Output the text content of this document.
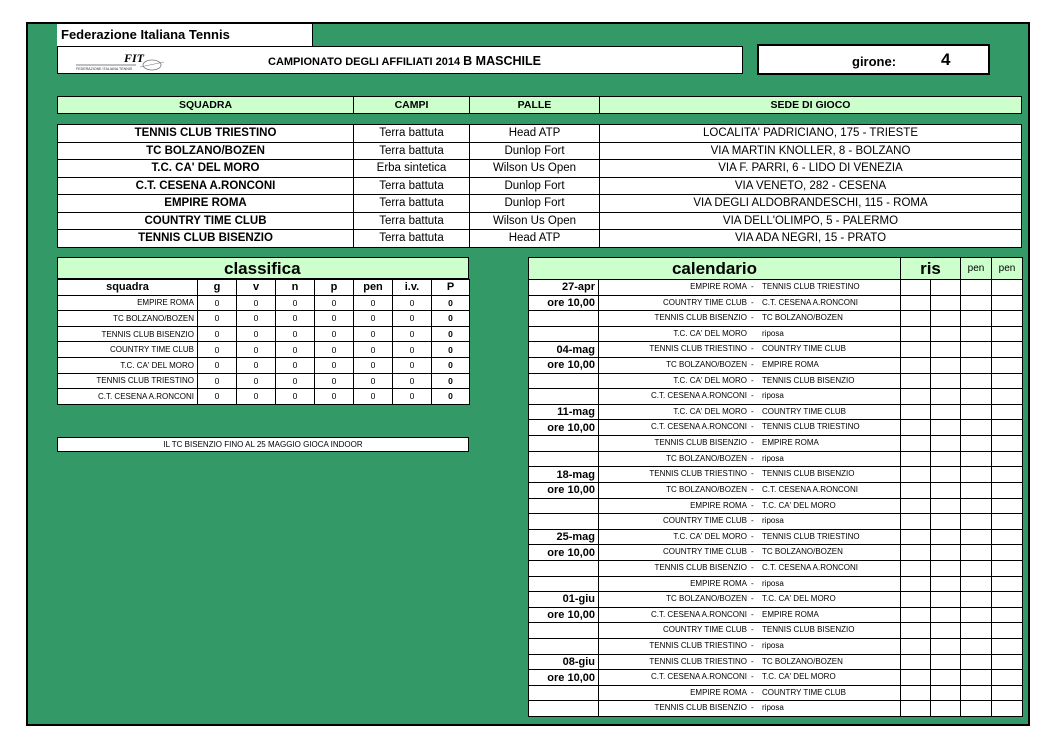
Federazione Italiana Tennis
FIT
FEDERAZIONE ITALIANA TENNIS
CAMPIONATO DEGLI AFFILIATI 2014 B MASCHILE	girone:	4
SQUADRA	CAMPI	PALLE	SEDE DI GIOCO
TENNIS CLUB TRIESTINO	Terra battuta	Head ATP	LOCALITA' PADRICIANO, 175 - TRIESTE
TC BOLZANO/BOZEN	Terra battuta	Dunlop Fort	VIA MARTIN KNOLLER, 8 - BOLZANO
T.C. CA' DEL MORO	Erba sintetica	Wilson Us Open	VIA F. PARRI, 6 - LIDO DI VENEZIA
C.T. CESENA A.RONCONI	Terra battuta	Dunlop Fort	VIA VENETO, 282 - CESENA
EMPIRE ROMA	Terra battuta	Dunlop Fort	VIA DEGLI ALDOBRANDESCHI, 115 - ROMA
COUNTRY TIME CLUB	Terra battuta	Wilson Us Open	VIA DELL'OLIMPO, 5 - PALERMO
TENNIS CLUB BISENZIO	Terra battuta	Head ATP	VIA ADA NEGRI, 15 - PRATO
classifica
squadra	g	v	n	p	pen	i.v.	P
EMPIRE ROMA	0	0	0	0	0	0	0
TC BOLZANO/BOZEN	0	0	0	0	0	0	0
TENNIS CLUB BISENZIO	0	0	0	0	0	0	0
COUNTRY TIME CLUB	0	0	0	0	0	0	0
T.C. CA' DEL MORO	0	0	0	0	0	0	0
TENNIS CLUB TRIESTINO	0	0	0	0	0	0	0
C.T. CESENA A.RONCONI	0	0	0	0	0	0	0
IL TC BISENZIO FINO AL 25 MAGGIO GIOCA INDOOR
calendario	ris	pen	pen
27-apr	EMPIRE ROMA - TENNIS CLUB TRIESTINO				

ore 10,00	COUNTRY TIME CLUB - C.T. CESENA A.RONCONI				

	TENNIS CLUB BISENZIO - TC BOLZANO/BOZEN				

	T.C. CA' DEL MORO riposa				

04-mag	TENNIS CLUB TRIESTINO - COUNTRY TIME CLUB				

ore 10,00	TC BOLZANO/BOZEN - EMPIRE ROMA				

	T.C. CA' DEL MORO - TENNIS CLUB BISENZIO				

	C.T. CESENA A.RONCONI - riposa				

11-mag	T.C. CA' DEL MORO - COUNTRY TIME CLUB				

ore 10,00	C.T. CESENA A.RONCONI - TENNIS CLUB TRIESTINO				

	TENNIS CLUB BISENZIO - EMPIRE ROMA				

	TC BOLZANO/BOZEN - riposa				

18-mag	TENNIS CLUB TRIESTINO - TENNIS CLUB BISENZIO				

ore 10,00	TC BOLZANO/BOZEN - C.T. CESENA A.RONCONI				

	EMPIRE ROMA - T.C. CA' DEL MORO				

	COUNTRY TIME CLUB - riposa				

25-mag	T.C. CA' DEL MORO - TENNIS CLUB TRIESTINO				

ore 10,00	COUNTRY TIME CLUB - TC BOLZANO/BOZEN				

	TENNIS CLUB BISENZIO - C.T. CESENA A.RONCONI				

	EMPIRE ROMA - riposa				

01-giu	TC BOLZANO/BOZEN - T.C. CA' DEL MORO				

ore 10,00	C.T. CESENA A.RONCONI - EMPIRE ROMA				

	COUNTRY TIME CLUB - TENNIS CLUB BISENZIO				

	TENNIS CLUB TRIESTINO - riposa				

08-giu	TENNIS CLUB TRIESTINO - TC BOLZANO/BOZEN				

ore 10,00	C.T. CESENA A.RONCONI - T.C. CA' DEL MORO				

	EMPIRE ROMA - COUNTRY TIME CLUB				

	TENNIS CLUB BISENZIO - riposa				
